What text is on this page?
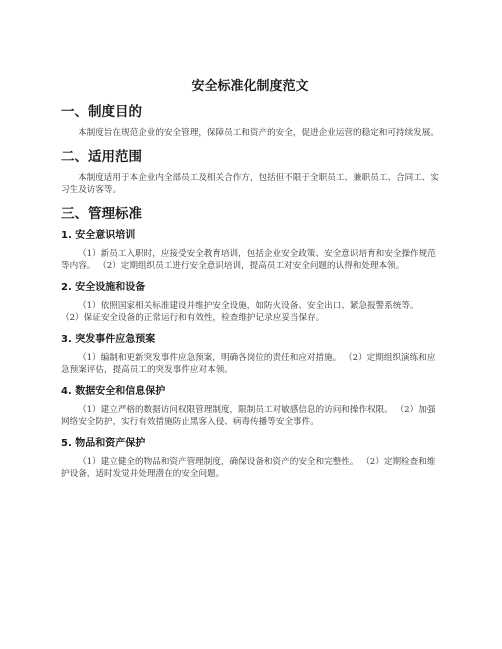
安全标准化制度范文
一、制度目的

本制度旨在规范企业的安全管理，保障员工和资产的安全，促进企业运营的稳定和可持续发展。

二、适用范围

本制度适用于本企业内全部员工及相关合作方，包括但不限于全职员工、兼职员工、合同工、实习生及访客等。

三、管理标准
1. 安全意识培训

（1）新员工入职时，应接受安全教育培训，包括企业安全政策、安全意识培育和安全操作规范等内容。 （2）定期组织员工进行安全意识培训，提高员工对安全问题的认得和处理本领。

2. 安全设施和设备

（1）依照国家相关标准建设并维护安全设施，如防火设备、安全出口、紧急报警系统等。 （2）保证安全设备的正常运行和有效性，检查维护记录应妥当保存。

3. 突发事件应急预案

（1）编制和更新突发事件应急预案，明确各岗位的责任和应对措施。 （2）定期组织演练和应急预案评估，提高员工的突发事件应对本领。

4. 数据安全和信息保护

（1）建立严格的数据访问权限管理制度，限制员工对敏感信息的访问和操作权限。 （2）加强网络安全防护，实行有效措施防止黑客入侵、病毒传播等安全事件。

5. 物品和资产保护

（1）建立健全的物品和资产管理制度，确保设备和资产的安全和完整性。 （2）定期检查和维护设备，适时发觉并处理潜在的安全问题。
